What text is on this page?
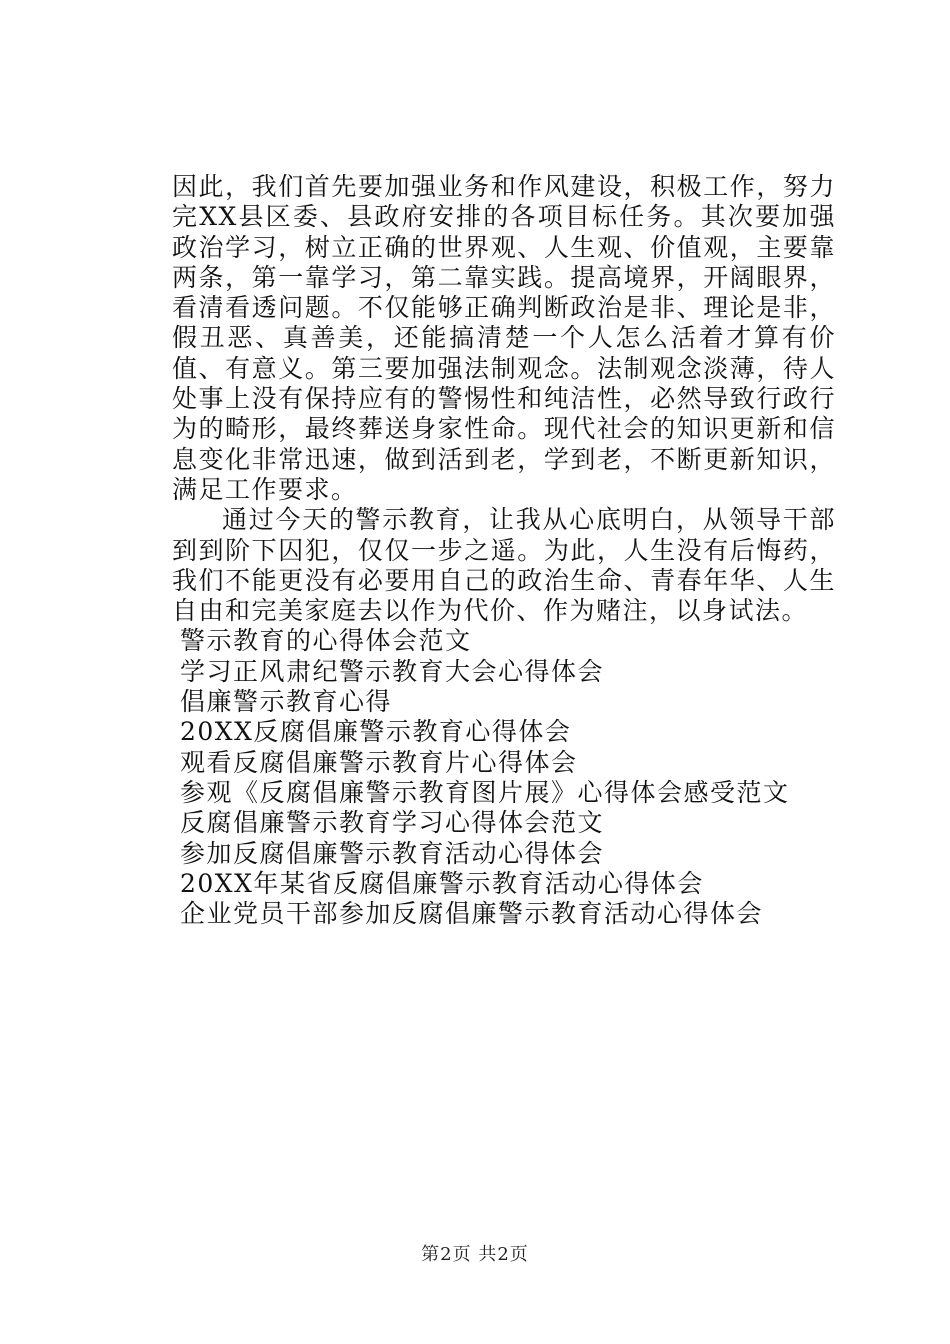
因此，我们首先要加强业务和作风建设，积极工作，努力完XX县区委、县政府安排的各项目标任务。其次要加强政治学习，树立正确的世界观、人生观、价值观，主要靠两条，第一靠学习，第二靠实践。提高境界，开阔眼界，看清看透问题。不仅能够正确判断政治是非、理论是非，假丑恶、真善美，还能搞清楚一个人怎么活着才算有价值、有意义。第三要加强法制观念。法制观念淡薄，待人处事上没有保持应有的警惕性和纯洁性，必然导致行政行为的畸形，最终葬送身家性命。现代社会的知识更新和信息变化非常迅速，做到活到老，学到老，不断更新知识，满足工作要求。

通过今天的警示教育，让我从心底明白，从领导干部到到阶下囚犯，仅仅一步之遥。为此，人生没有后悔药，我们不能更没有必要用自己的政治生命、青春年华、人生自由和完美家庭去以作为代价、作为赌注，以身试法。

警示教育的心得体会范文
学习正风肃纪警示教育大会心得体会
倡廉警示教育心得
20XX反腐倡廉警示教育心得体会
观看反腐倡廉警示教育片心得体会
参观《反腐倡廉警示教育图片展》心得体会感受范文
反腐倡廉警示教育学习心得体会范文
参加反腐倡廉警示教育活动心得体会
20XX年某省反腐倡廉警示教育活动心得体会
企业党员干部参加反腐倡廉警示教育活动心得体会
第2页 共2页
